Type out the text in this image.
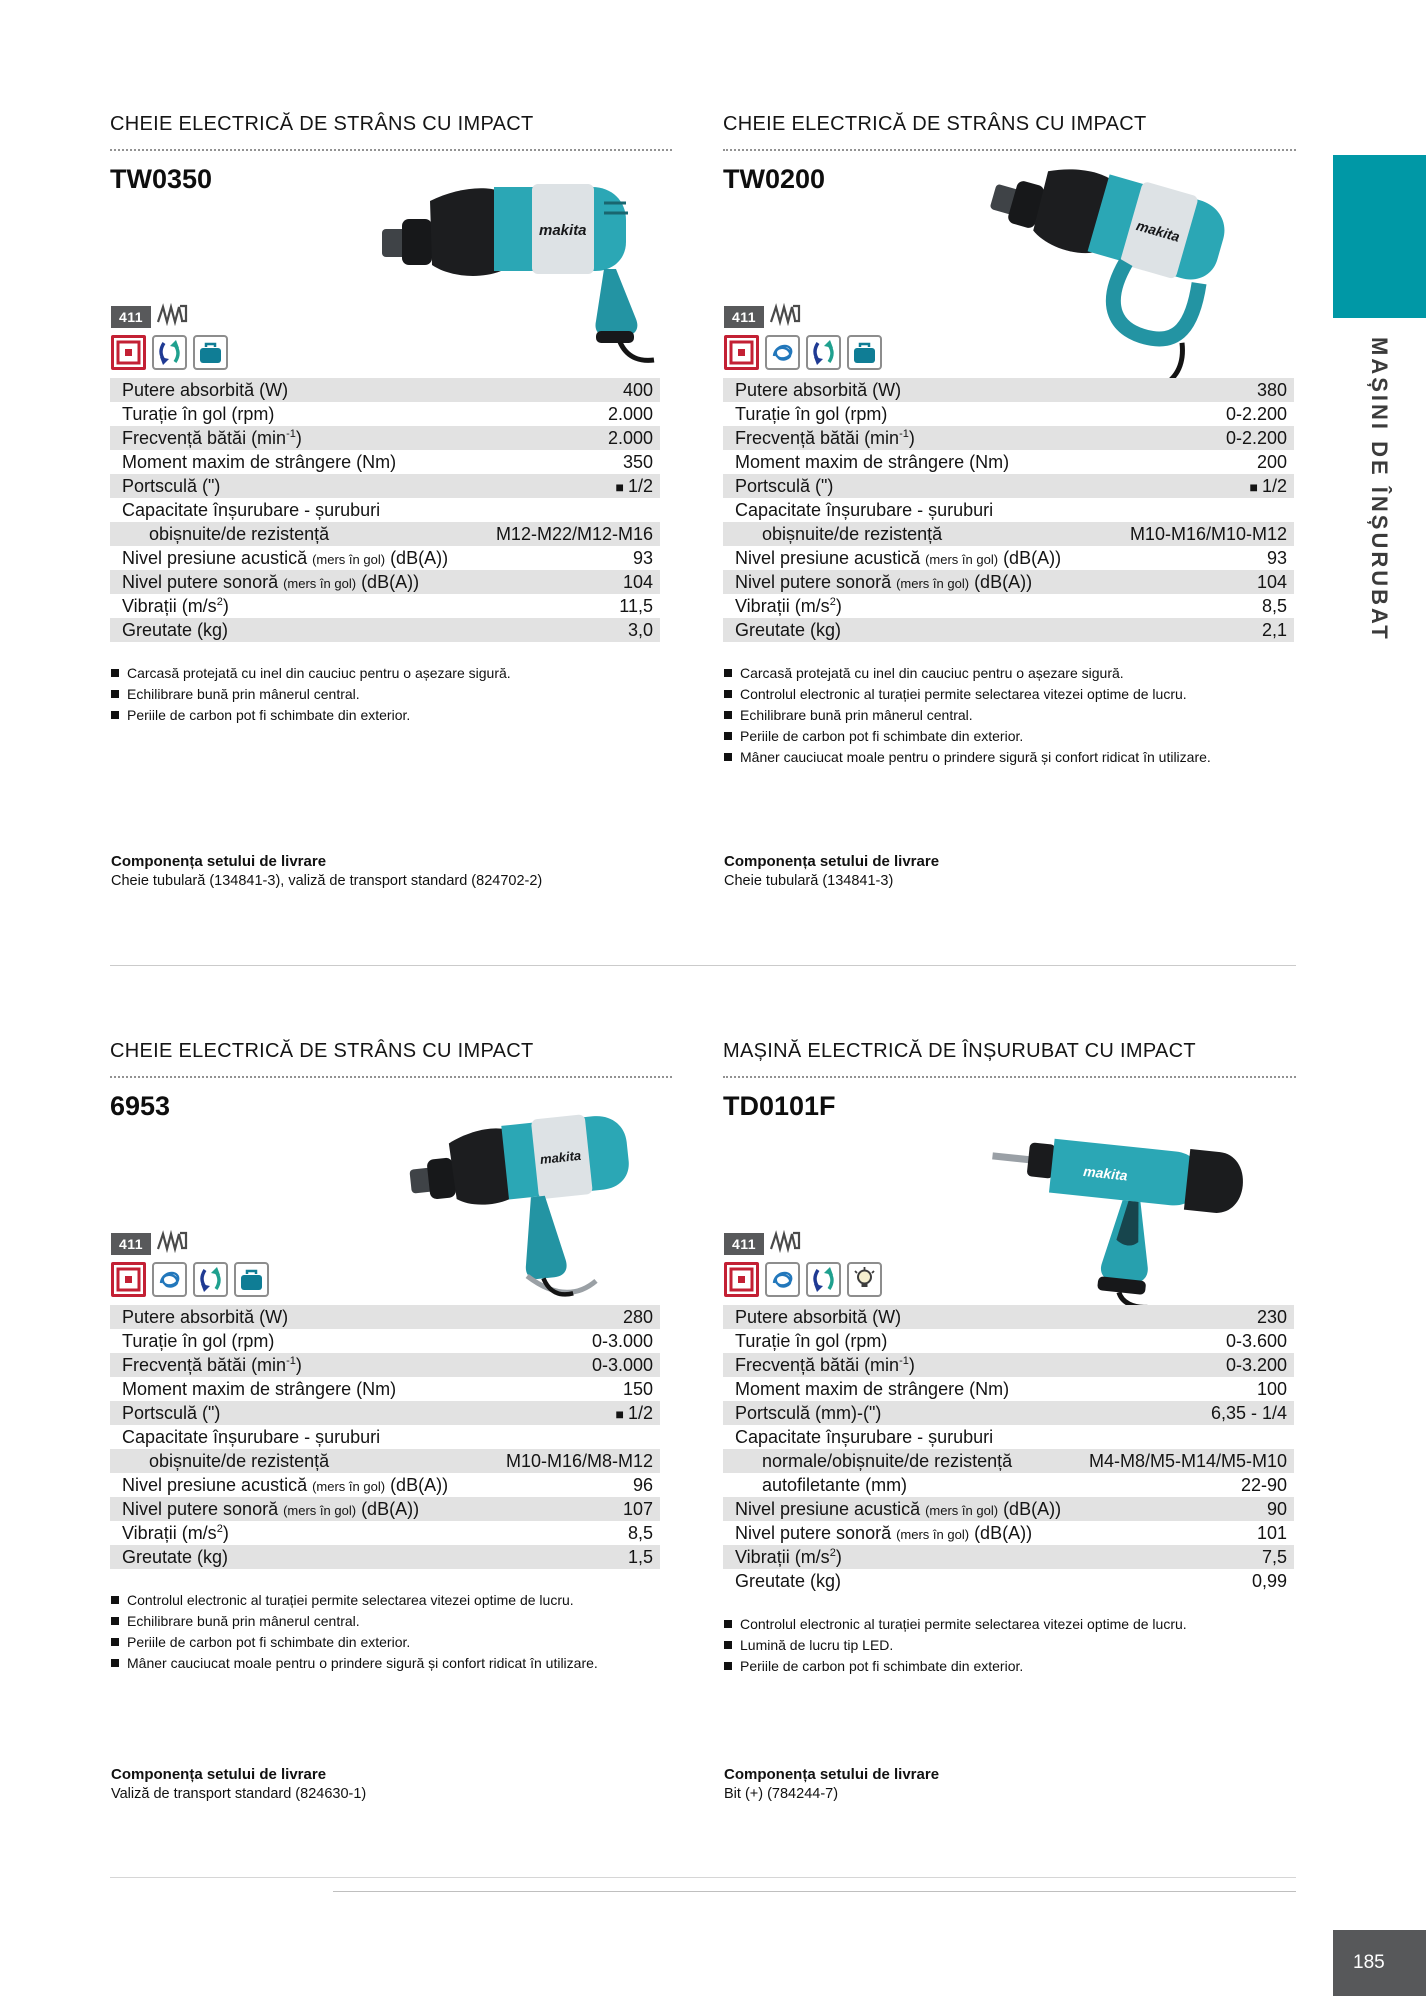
CHEIE ELECTRICĂ DE STRÂNS CU IMPACT
TW0350
makita
411
Putere absorbită (W)	400
Turație în gol (rpm)	2.000
Frecvență bătăi $(\min^{-1})$	2.000
Moment maxim de strângere (Nm)	350
Portsculă (")	■ 1/2
Capacitate înșurubare - șuruburi
obișnuite/de rezistență	M12-M22/M12-M16
Nivel presiune acustică (mers în gol) (dB(A))	93
Nivel putere sonoră (mers în gol) (dB(A))	104
Vibrații $(m/s^2)$	11,5
Greutate (kg)	3,0
Carcasă protejată cu inel din cauciuc pentru o așezare sigură.
Echilibrare bună prin mânerul central.
Periile de carbon pot fi schimbate din exterior.

Componența setului de livrare

Cheie tubulară (134841-3), valiză de transport standard (824702-2)

CHEIE ELECTRICĂ DE STRÂNS CU IMPACT
TW0200
makita
411
Putere absorbită (W)	380
Turație în gol (rpm)	0-2.200
Frecvență bătăi $(\min^{-1})$	0-2.200
Moment maxim de strângere (Nm)	200
Portsculă (")	■ 1/2
Capacitate înșurubare - șuruburi
obișnuite/de rezistență	M10-M16/M10-M12
Nivel presiune acustică (mers în gol) (dB(A))	93
Nivel putere sonoră (mers în gol) (dB(A))	104
Vibrații $(m/s^2)$	8,5
Greutate (kg)	2,1
Carcasă protejată cu inel din cauciuc pentru o așezare sigură.
Controlul electronic al turației permite selectarea vitezei optime de lucru.
Echilibrare bună prin mânerul central.
Periile de carbon pot fi schimbate din exterior.
Mâner cauciucat moale pentru o prindere sigură și confort ridicat în utilizare.

Componența setului de livrare

Cheie tubulară (134841-3)

CHEIE ELECTRICĂ DE STRÂNS CU IMPACT
6953
makita
411
Putere absorbită (W)	280
Turație în gol (rpm)	0-3.000
Frecvență bătăi $(\min^{-1})$	0-3.000
Moment maxim de strângere (Nm)	150
Portsculă (")	■ 1/2
Capacitate înșurubare - șuruburi
obișnuite/de rezistență	M10-M16/M8-M12
Nivel presiune acustică (mers în gol) (dB(A))	96
Nivel putere sonoră (mers în gol) (dB(A))	107
Vibrații $(m/s^2)$	8,5
Greutate (kg)	1,5
Controlul electronic al turației permite selectarea vitezei optime de lucru.
Echilibrare bună prin mânerul central.
Periile de carbon pot fi schimbate din exterior.
Mâner cauciucat moale pentru o prindere sigură și confort ridicat în utilizare.

Componența setului de livrare

Valiză de transport standard (824630-1)

MAȘINĂ ELECTRICĂ DE ÎNȘURUBAT CU IMPACT
TD0101F
makita
411
Putere absorbită (W)	230
Turație în gol (rpm)	0-3.600
Frecvență bătăi $(\min^{-1})$	0-3.200
Moment maxim de strângere (Nm)	100
Portsculă (mm)-(")	6,35 - 1/4
Capacitate înșurubare - șuruburi
normale/obișnuite/de rezistență	M4-M8/M5-M14/M5-M10
autofiletante (mm)	22-90
Nivel presiune acustică (mers în gol) (dB(A))	90
Nivel putere sonoră (mers în gol) (dB(A))	101
Vibrații $(m/s^2)$	7,5
Greutate (kg)	0,99
Controlul electronic al turației permite selectarea vitezei optime de lucru.
Lumină de lucru tip LED.
Periile de carbon pot fi schimbate din exterior.

Componența setului de livrare

Bit (+) (784244-7)

MAȘINI DE ÎNȘURUBAT
185
